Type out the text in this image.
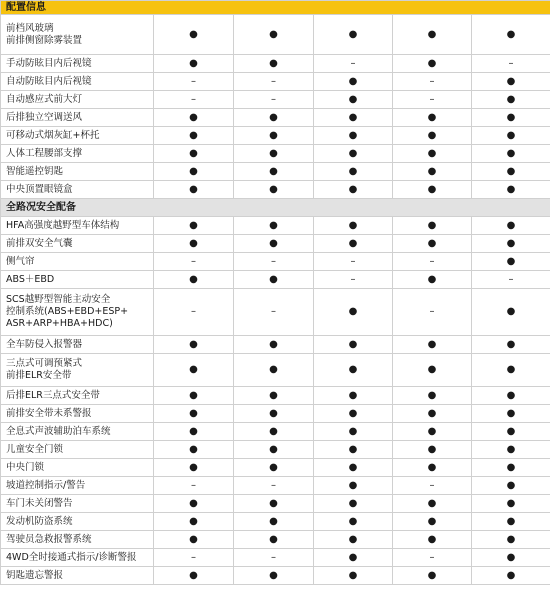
配置信息					
前档风玻璃
前排侧窗除雾装置	●	●	●	●	●
手动防眩目内后视镜	●	●	–	●	–
自动防眩目内后视镜	–	–	●	–	●
自动感应式前大灯	–	–	●	–	●
后排独立空调送风	●	●	●	●	●
可移动式烟灰缸+杯托	●	●	●	●	●
人体工程腰部支撑	●	●	●	●	●
智能遥控钥匙	●	●	●	●	●
中央顶置眼镜盒	●	●	●	●	●
全路况安全配备					
HFA高强度越野型车体结构	●	●	●	●	●
前排双安全气囊	●	●	●	●	●
侧气帘	–	–	–	–	●
ABS＋EBD	●	●	–	●	–
SCS越野型智能主动安全
控制系统(ABS+EBD+ESP+
ASR+ARP+HBA+HDC)	–	–	●	–	●
全车防侵入报警器	●	●	●	●	●
三点式可调预紧式
前排ELR安全带	●	●	●	●	●
后排ELR三点式安全带	●	●	●	●	●
前排安全带未系警报	●	●	●	●	●
全息式声波辅助泊车系统	●	●	●	●	●
儿童安全门锁	●	●	●	●	●
中央门锁	●	●	●	●	●
坡道控制指示/警告	–	–	●	–	●
车门未关闭警告	●	●	●	●	●
发动机防盗系统	●	●	●	●	●
驾驶员急救报警系统	●	●	●	●	●
4WD全时接通式指示/诊断警报	–	–	●	–	●
钥匙遗忘警报	●	●	●	●	●
